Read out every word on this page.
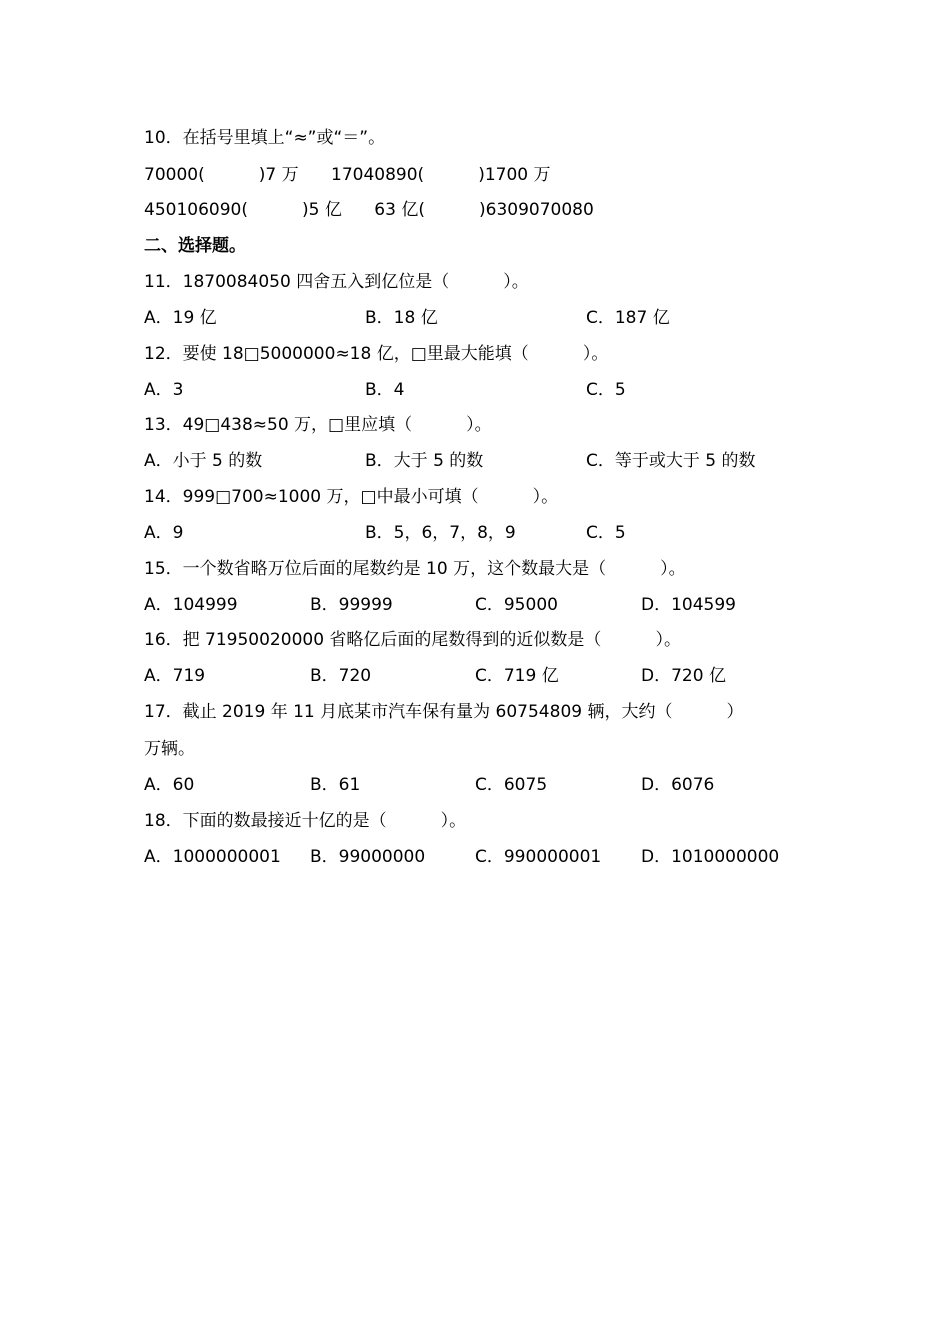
10．在括号里填上“≈”或“＝”。
70000(          )7 万      17040890(          )1700 万
450106090(          )5 亿      63 亿(          )6309070080
二、选择题。
11．1870084050 四舍五入到亿位是（          ）。
A．19 亿	B．18 亿	C．187 亿
12．要使 18□5000000≈18 亿，□里最大能填（          ）。
A．3	B．4	C．5
13．49□438≈50 万，□里应填（          ）。
A．小于 5 的数	B．大于 5 的数	C．等于或大于 5 的数
14．999□700≈1000 万，□中最小可填（          ）。
A．9	B．5，6，7，8，9	C．5
15．一个数省略万位后面的尾数约是 10 万，这个数最大是（          ）。
A．104999	B．99999	C．95000	D．104599
16．把 71950020000 省略亿后面的尾数得到的近似数是（          ）。
A．719	B．720	C．719 亿	D．720 亿
17．截止 2019 年 11 月底某市汽车保有量为 60754809 辆，大约（          ）
万辆。
A．60	B．61	C．6075	D．6076
18．下面的数最接近十亿的是（          ）。
A．1000000001 B．99000000	C．990000001 D．1010000000
